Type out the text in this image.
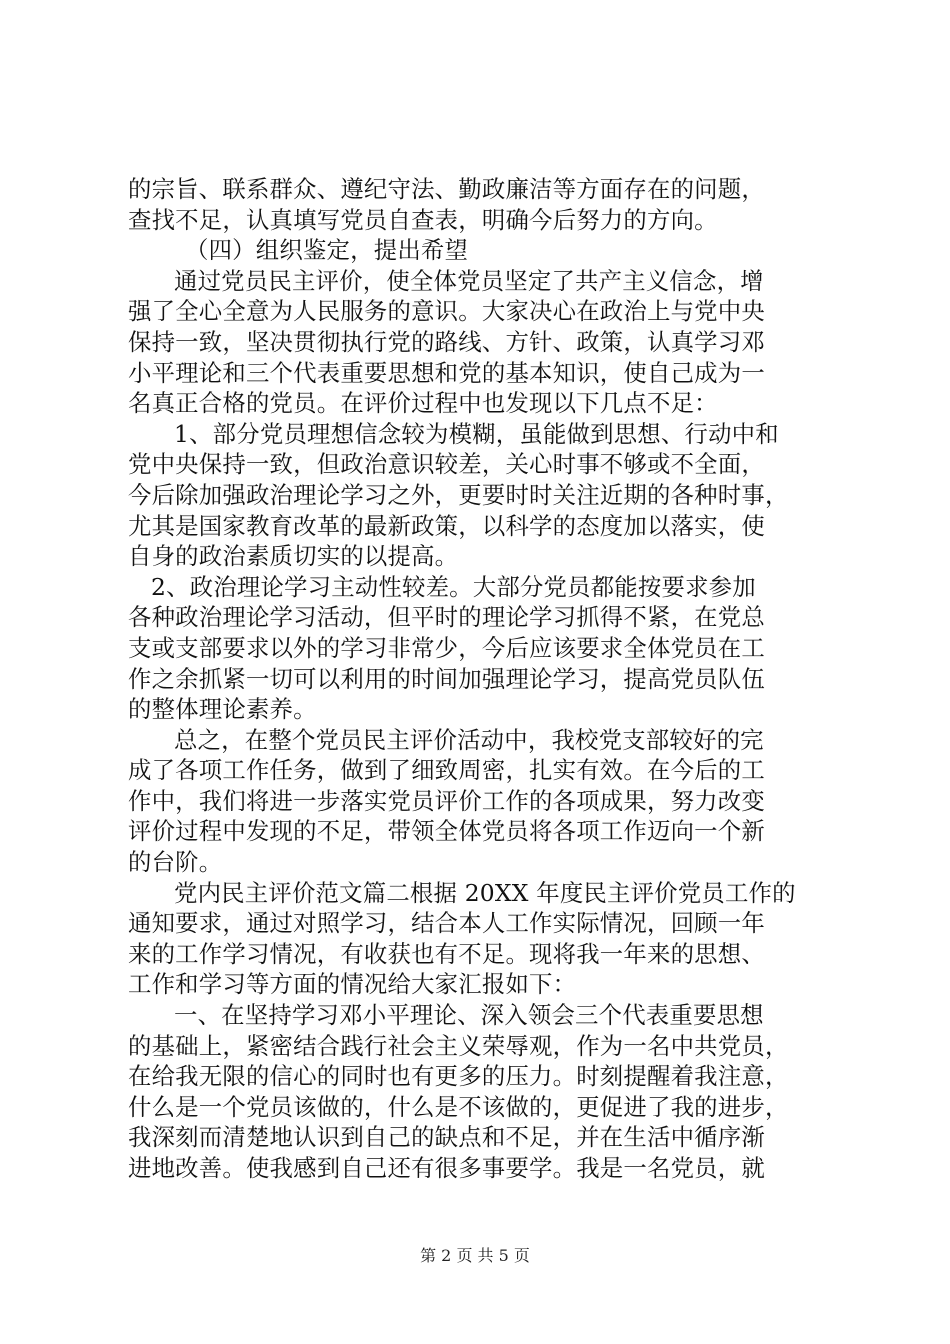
的宗旨、联系群众、遵纪守法、勤政廉洁等方面存在的问题，
查找不足，认真填写党员自查表，明确今后努力的方向。
（四）组织鉴定，提出希望
通过党员民主评价，使全体党员坚定了共产主义信念，增
强了全心全意为人民服务的意识。大家决心在政治上与党中央
保持一致，坚决贯彻执行党的路线、方针、政策，认真学习邓
小平理论和三个代表重要思想和党的基本知识，使自己成为一
名真正合格的党员。在评价过程中也发现以下几点不足：
1、部分党员理想信念较为模糊，虽能做到思想、行动中和
党中央保持一致，但政治意识较差，关心时事不够或不全面，
今后除加强政治理论学习之外，更要时时关注近期的各种时事，
尤其是国家教育改革的最新政策，以科学的态度加以落实，使
自身的政治素质切实的以提高。
2、政治理论学习主动性较差。大部分党员都能按要求参加
各种政治理论学习活动，但平时的理论学习抓得不紧，在党总
支或支部要求以外的学习非常少，今后应该要求全体党员在工
作之余抓紧一切可以利用的时间加强理论学习，提高党员队伍
的整体理论素养。
总之，在整个党员民主评价活动中，我校党支部较好的完
成了各项工作任务，做到了细致周密，扎实有效。在今后的工
作中，我们将进一步落实党员评价工作的各项成果，努力改变
评价过程中发现的不足，带领全体党员将各项工作迈向一个新
的台阶。
党内民主评价范文篇二根据 20XX 年度民主评价党员工作的
通知要求，通过对照学习，结合本人工作实际情况，回顾一年
来的工作学习情况，有收获也有不足。现将我一年来的思想、
工作和学习等方面的情况给大家汇报如下：
一、在坚持学习邓小平理论、深入领会三个代表重要思想
的基础上，紧密结合践行社会主义荣辱观，作为一名中共党员，
在给我无限的信心的同时也有更多的压力。时刻提醒着我注意，
什么是一个党员该做的，什么是不该做的，更促进了我的进步，
我深刻而清楚地认识到自己的缺点和不足，并在生活中循序渐
进地改善。使我感到自己还有很多事要学。我是一名党员，就
第 2 页 共 5 页
